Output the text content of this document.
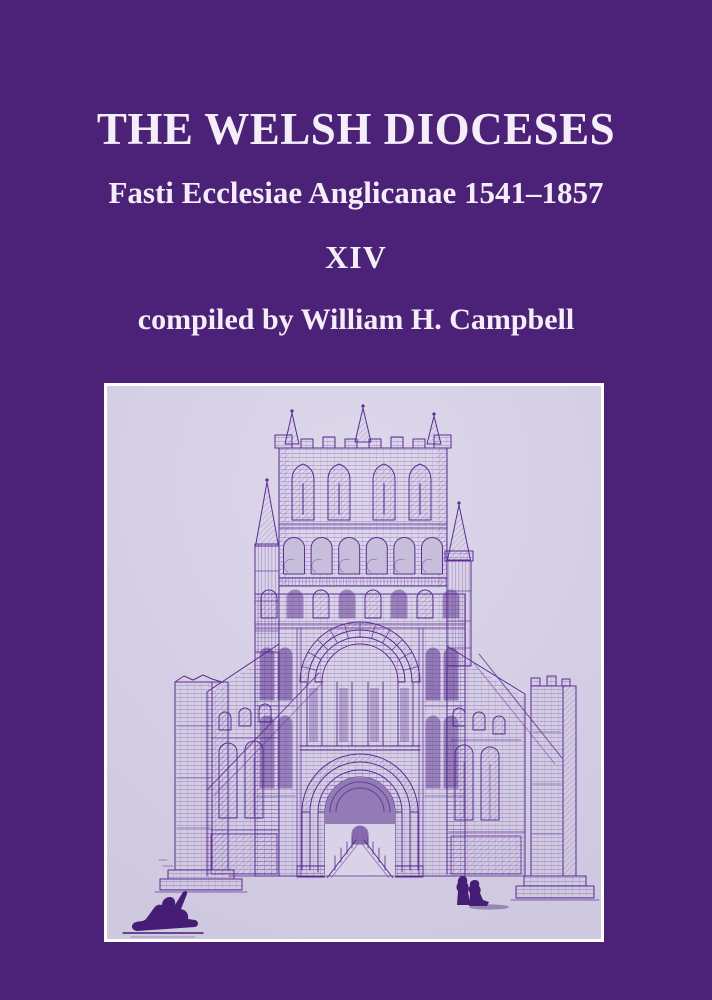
THE WELSH DIOCESES
Fasti Ecclesiae Anglicanae 1541–1857
XIV
compiled by William H. Campbell
